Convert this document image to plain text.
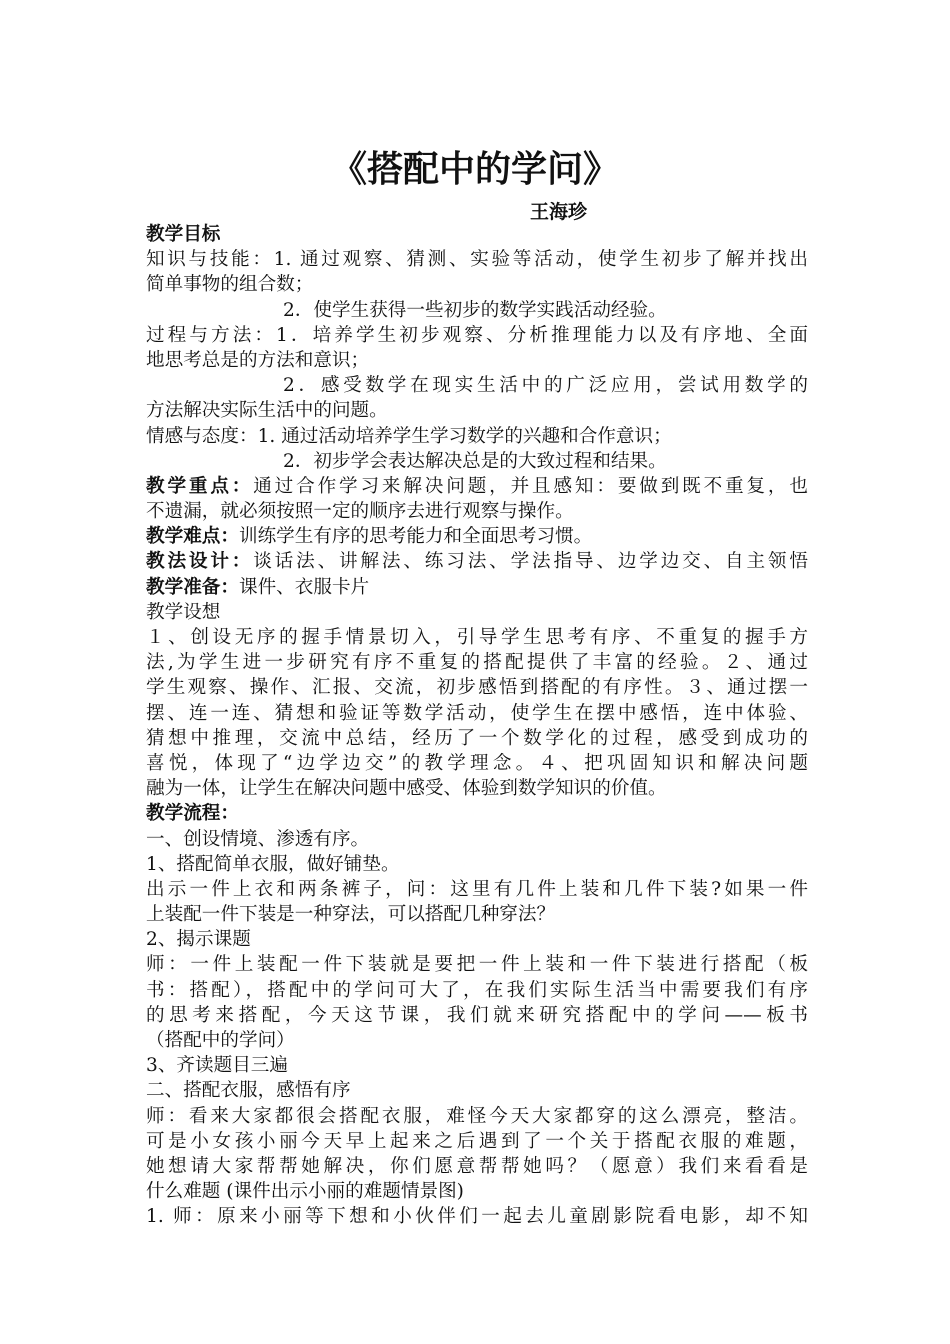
《搭配中的学问》
王海珍
教学目标
知识与技能：1. 通过观察、猜测、实验等活动，使学生初步了解并找出
简单事物的组合数；
2．使学生获得一些初步的数学实践活动经验。
过程与方法：1．培养学生初步观察、分析推理能力以及有序地、全面
地思考总是的方法和意识；
2．感受数学在现实生活中的广泛应用，尝试用数学的
方法解决实际生活中的问题。
情感与态度：1. 通过活动培养学生学习数学的兴趣和合作意识；
2．初步学会表达解决总是的大致过程和结果。
教学重点：通过合作学习来解决问题，并且感知：要做到既不重复，也
不遗漏，就必须按照一定的顺序去进行观察与操作。
教学难点：训练学生有序的思考能力和全面思考习惯。
教法设计：谈话法、讲解法、练习法、学法指导、边学边交、自主领悟
教学准备：课件、衣服卡片
教学设想
１、创设无序的握手情景切入，引导学生思考有序、不重复的握手方
法,为学生进一步研究有序不重复的搭配提供了丰富的经验。２、通过
学生观察、操作、汇报、交流，初步感悟到搭配的有序性。３、通过摆一
摆、连一连、猜想和验证等数学活动，使学生在摆中感悟，连中体验、
猜想中推理，交流中总结，经历了一个数学化的过程，感受到成功的
喜悦，体现了“边学边交”的教学理念。４、把巩固知识和解决问题
融为一体，让学生在解决问题中感受、体验到数学知识的价值。
教学流程：
一、创设情境、渗透有序。
1、搭配简单衣服，做好铺垫。
出示一件上衣和两条裤子，问：这里有几件上装和几件下装?如果一件
上装配一件下装是一种穿法，可以搭配几种穿法？
2、揭示课题
师：一件上装配一件下装就是要把一件上装和一件下装进行搭配（板
书：搭配），搭配中的学问可大了，在我们实际生活当中需要我们有序
的思考来搭配，今天这节课，我们就来研究搭配中的学问——板书
（搭配中的学问）
3、齐读题目三遍
二、搭配衣服，感悟有序
师：看来大家都很会搭配衣服，难怪今天大家都穿的这么漂亮，整洁。
可是小女孩小丽今天早上起来之后遇到了一个关于搭配衣服的难题，
她想请大家帮帮她解决，你们愿意帮帮她吗？（愿意）我们来看看是
什么难题 (课件出示小丽的难题情景图)
1. 师：原来小丽等下想和小伙伴们一起去儿童剧影院看电影，却不知
